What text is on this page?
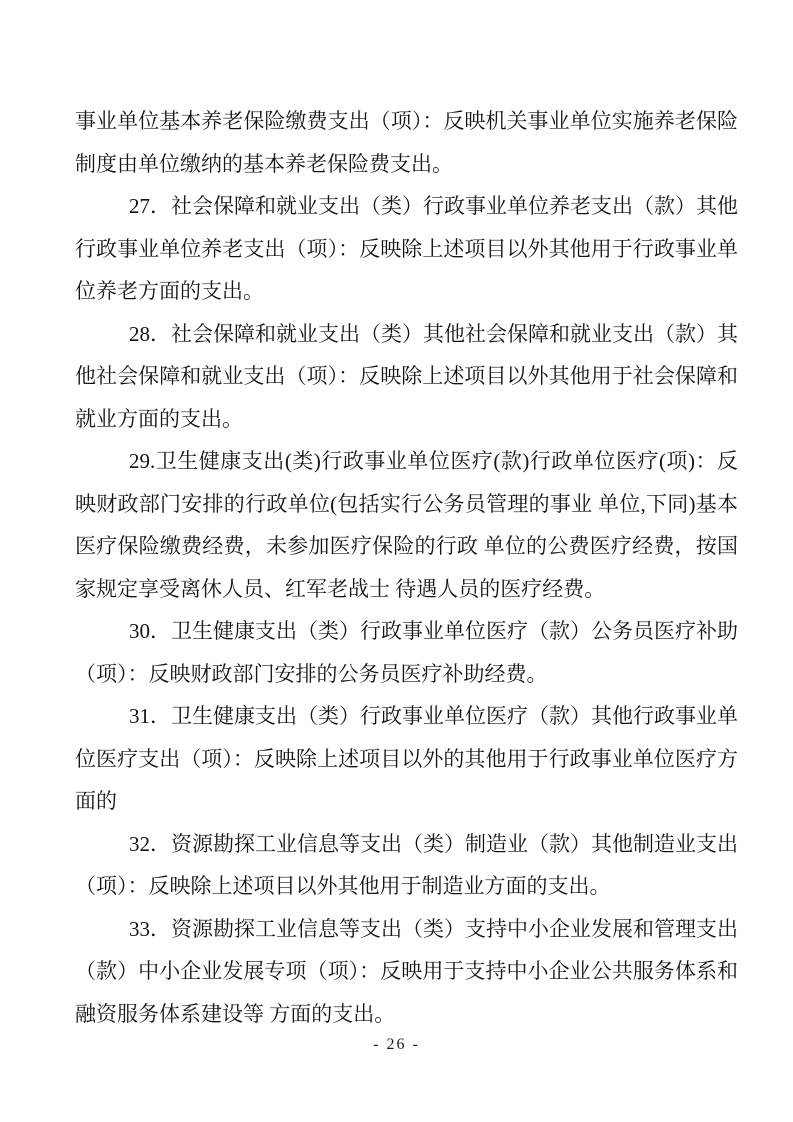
事业单位基本养老保险缴费支出（项）：反映机关事业单位实施养老保险制度由单位缴纳的基本养老保险费支出。

27．社会保障和就业支出（类）行政事业单位养老支出（款）其他行政事业单位养老支出（项）：反映除上述项目以外其他用于行政事业单位养老方面的支出。

28．社会保障和就业支出（类）其他社会保障和就业支出（款）其他社会保障和就业支出（项）：反映除上述项目以外其他用于社会保障和就业方面的支出。

29.卫生健康支出(类)行政事业单位医疗(款)行政单位医疗(项)：反映财政部门安排的行政单位(包括实行公务员管理的事业 单位,下同)基本医疗保险缴费经费，未参加医疗保险的行政 单位的公费医疗经费，按国家规定享受离休人员、红军老战士 待遇人员的医疗经费。

30．卫生健康支出（类）行政事业单位医疗（款）公务员医疗补助（项）：反映财政部门安排的公务员医疗补助经费。

31．卫生健康支出（类）行政事业单位医疗（款）其他行政事业单位医疗支出（项）：反映除上述项目以外的其他用于行政事业单位医疗方面的

32．资源勘探工业信息等支出（类）制造业（款）其他制造业支出（项）：反映除上述项目以外其他用于制造业方面的支出。

33．资源勘探工业信息等支出（类）支持中小企业发展和管理支出（款）中小企业发展专项（项）：反映用于支持中小企业公共服务体系和融资服务体系建设等 方面的支出。

- 26 -
